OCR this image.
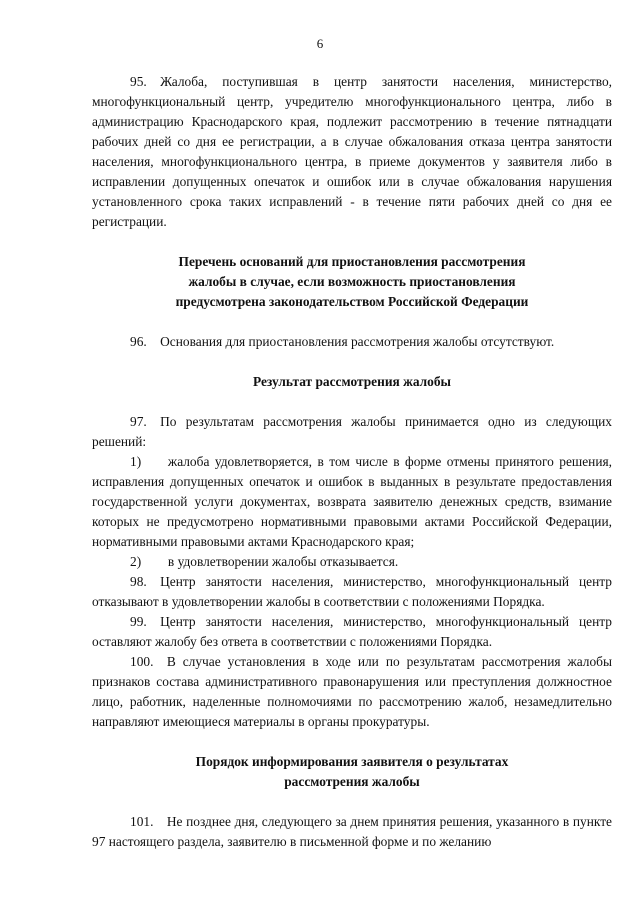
6

95. Жалоба, поступившая в центр занятости населения, министерство, многофункциональный центр, учредителю многофункционального центра, либо в администрацию Краснодарского края, подлежит рассмотрению в течение пятнадцати рабочих дней со дня ее регистрации, а в случае обжалования отказа центра занятости населения, многофункционального центра, в приеме документов у заявителя либо в исправлении допущенных опечаток и ошибок или в случае обжалования нарушения установленного срока таких исправлений - в течение пяти рабочих дней со дня ее регистрации.

Перечень оснований для приостановления рассмотрения

жалобы в случае, если возможность приостановления

предусмотрена законодательством Российской Федерации

96. Основания для приостановления рассмотрения жалобы отсутствуют.

Результат рассмотрения жалобы

97. По результатам рассмотрения жалобы принимается одно из следующих решений:

1)  жалоба удовлетворяется, в том числе в форме отмены принятого решения, исправления допущенных опечаток и ошибок в выданных в результате предоставления государственной услуги документах, возврата заявителю денежных средств, взимание которых не предусмотрено нормативными правовыми актами Российской Федерации, нормативными правовыми актами Краснодарского края;

2)  в удовлетворении жалобы отказывается.

98. Центр занятости населения, министерство, многофункциональный центр отказывают в удовлетворении жалобы в соответствии с положениями Порядка.

99. Центр занятости населения, министерство, многофункциональный центр оставляют жалобу без ответа в соответствии с положениями Порядка.

100. В случае установления в ходе или по результатам рассмотрения жалобы признаков состава административного правонарушения или преступления должностное лицо, работник, наделенные полномочиями по рассмотрению жалоб, незамедлительно направляют имеющиеся материалы в органы прокуратуры.

Порядок информирования заявителя о результатах

рассмотрения жалобы

101. Не позднее дня, следующего за днем принятия решения, указанного в пункте 97 настоящего раздела, заявителю в письменной форме и по желанию
